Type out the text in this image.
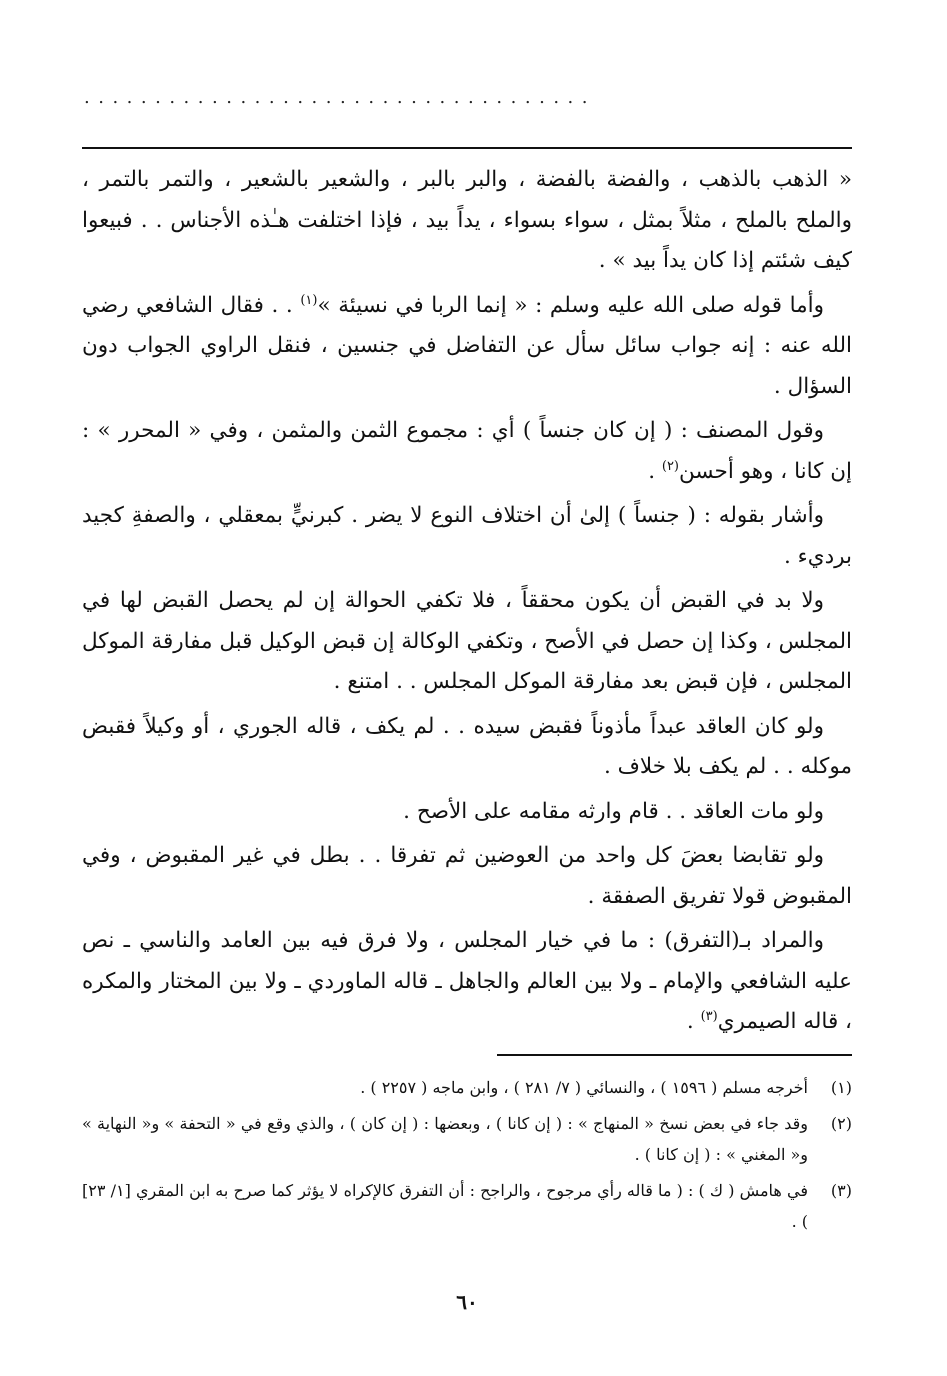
....................................

« الذهب بالذهب ، والفضة بالفضة ، والبر بالبر ، والشعير بالشعير ، والتمر بالتمر ، والملح بالملح ، مثلاً بمثل ، سواء بسواء ، يداً بيد ، فإذا اختلفت هـٰذه الأجناس . . فبيعوا كيف شئتم إذا كان يداً بيد » .

وأما قوله صلى الله عليه وسلم : « إنما الربا في نسيئة »$^{(١)}$ . . فقال الشافعي رضي الله عنه : إنه جواب سائل سأل عن التفاضل في جنسين ، فنقل الراوي الجواب دون السؤال .

وقول المصنف : ( إن كان جنساً ) أي : مجموع الثمن والمثمن ، وفي « المحرر » : إن كانا ، وهو أحسن$^{(٢)}$ .

وأشار بقوله : ( جنساً ) إلىٰ أن اختلاف النوع لا يضر . كبرنيٍّ بمعقلي ، والصفةِ كجيد برديء .

ولا بد في القبض أن يكون محققاً ، فلا تكفي الحوالة إن لم يحصل القبض لها في المجلس ، وكذا إن حصل في الأصح ، وتكفي الوكالة إن قبض الوكيل قبل مفارقة الموكل المجلس ، فإن قبض بعد مفارقة الموكل المجلس . . امتنع .

ولو كان العاقد عبداً مأذوناً فقبض سيده . . لم يكف ، قاله الجوري ، أو وكيلاً فقبض موكله . . لم يكف بلا خلاف .

ولو مات العاقد . . قام وارثه مقامه على الأصح .

ولو تقابضا بعضَ كل واحد من العوضين ثم تفرقا . . بطل في غير المقبوض ، وفي المقبوض قولا تفريق الصفقة .

والمراد بـ(التفرق) : ما في خيار المجلس ، ولا فرق فيه بين العامد والناسي ـ نص عليه الشافعي والإمام ـ ولا بين العالم والجاهل ـ قاله الماوردي ـ ولا بين المختار والمكره ، قاله الصيمري$^{(٣)}$ .

(١)
أخرجه مسلم ( ١٥٩٦ ) ، والنسائي ( ٧/ ٢٨١ ) ، وابن ماجه ( ٢٢٥٧ ) .
(٢)
وقد جاء في بعض نسخ « المنهاج » : ( إن كانا ) ، وبعضها : ( إن كان ) ، والذي وقع في « التحفة » و« النهاية » و« المغني » : ( إن كانا ) .
(٣)
في هامش ( ك ) : ( ما قاله رأي مرجوح ، والراجح : أن التفرق كالإكراه لا يؤثر كما صرح به ابن المقري [١/ ٢٣] ) .
٦٠
